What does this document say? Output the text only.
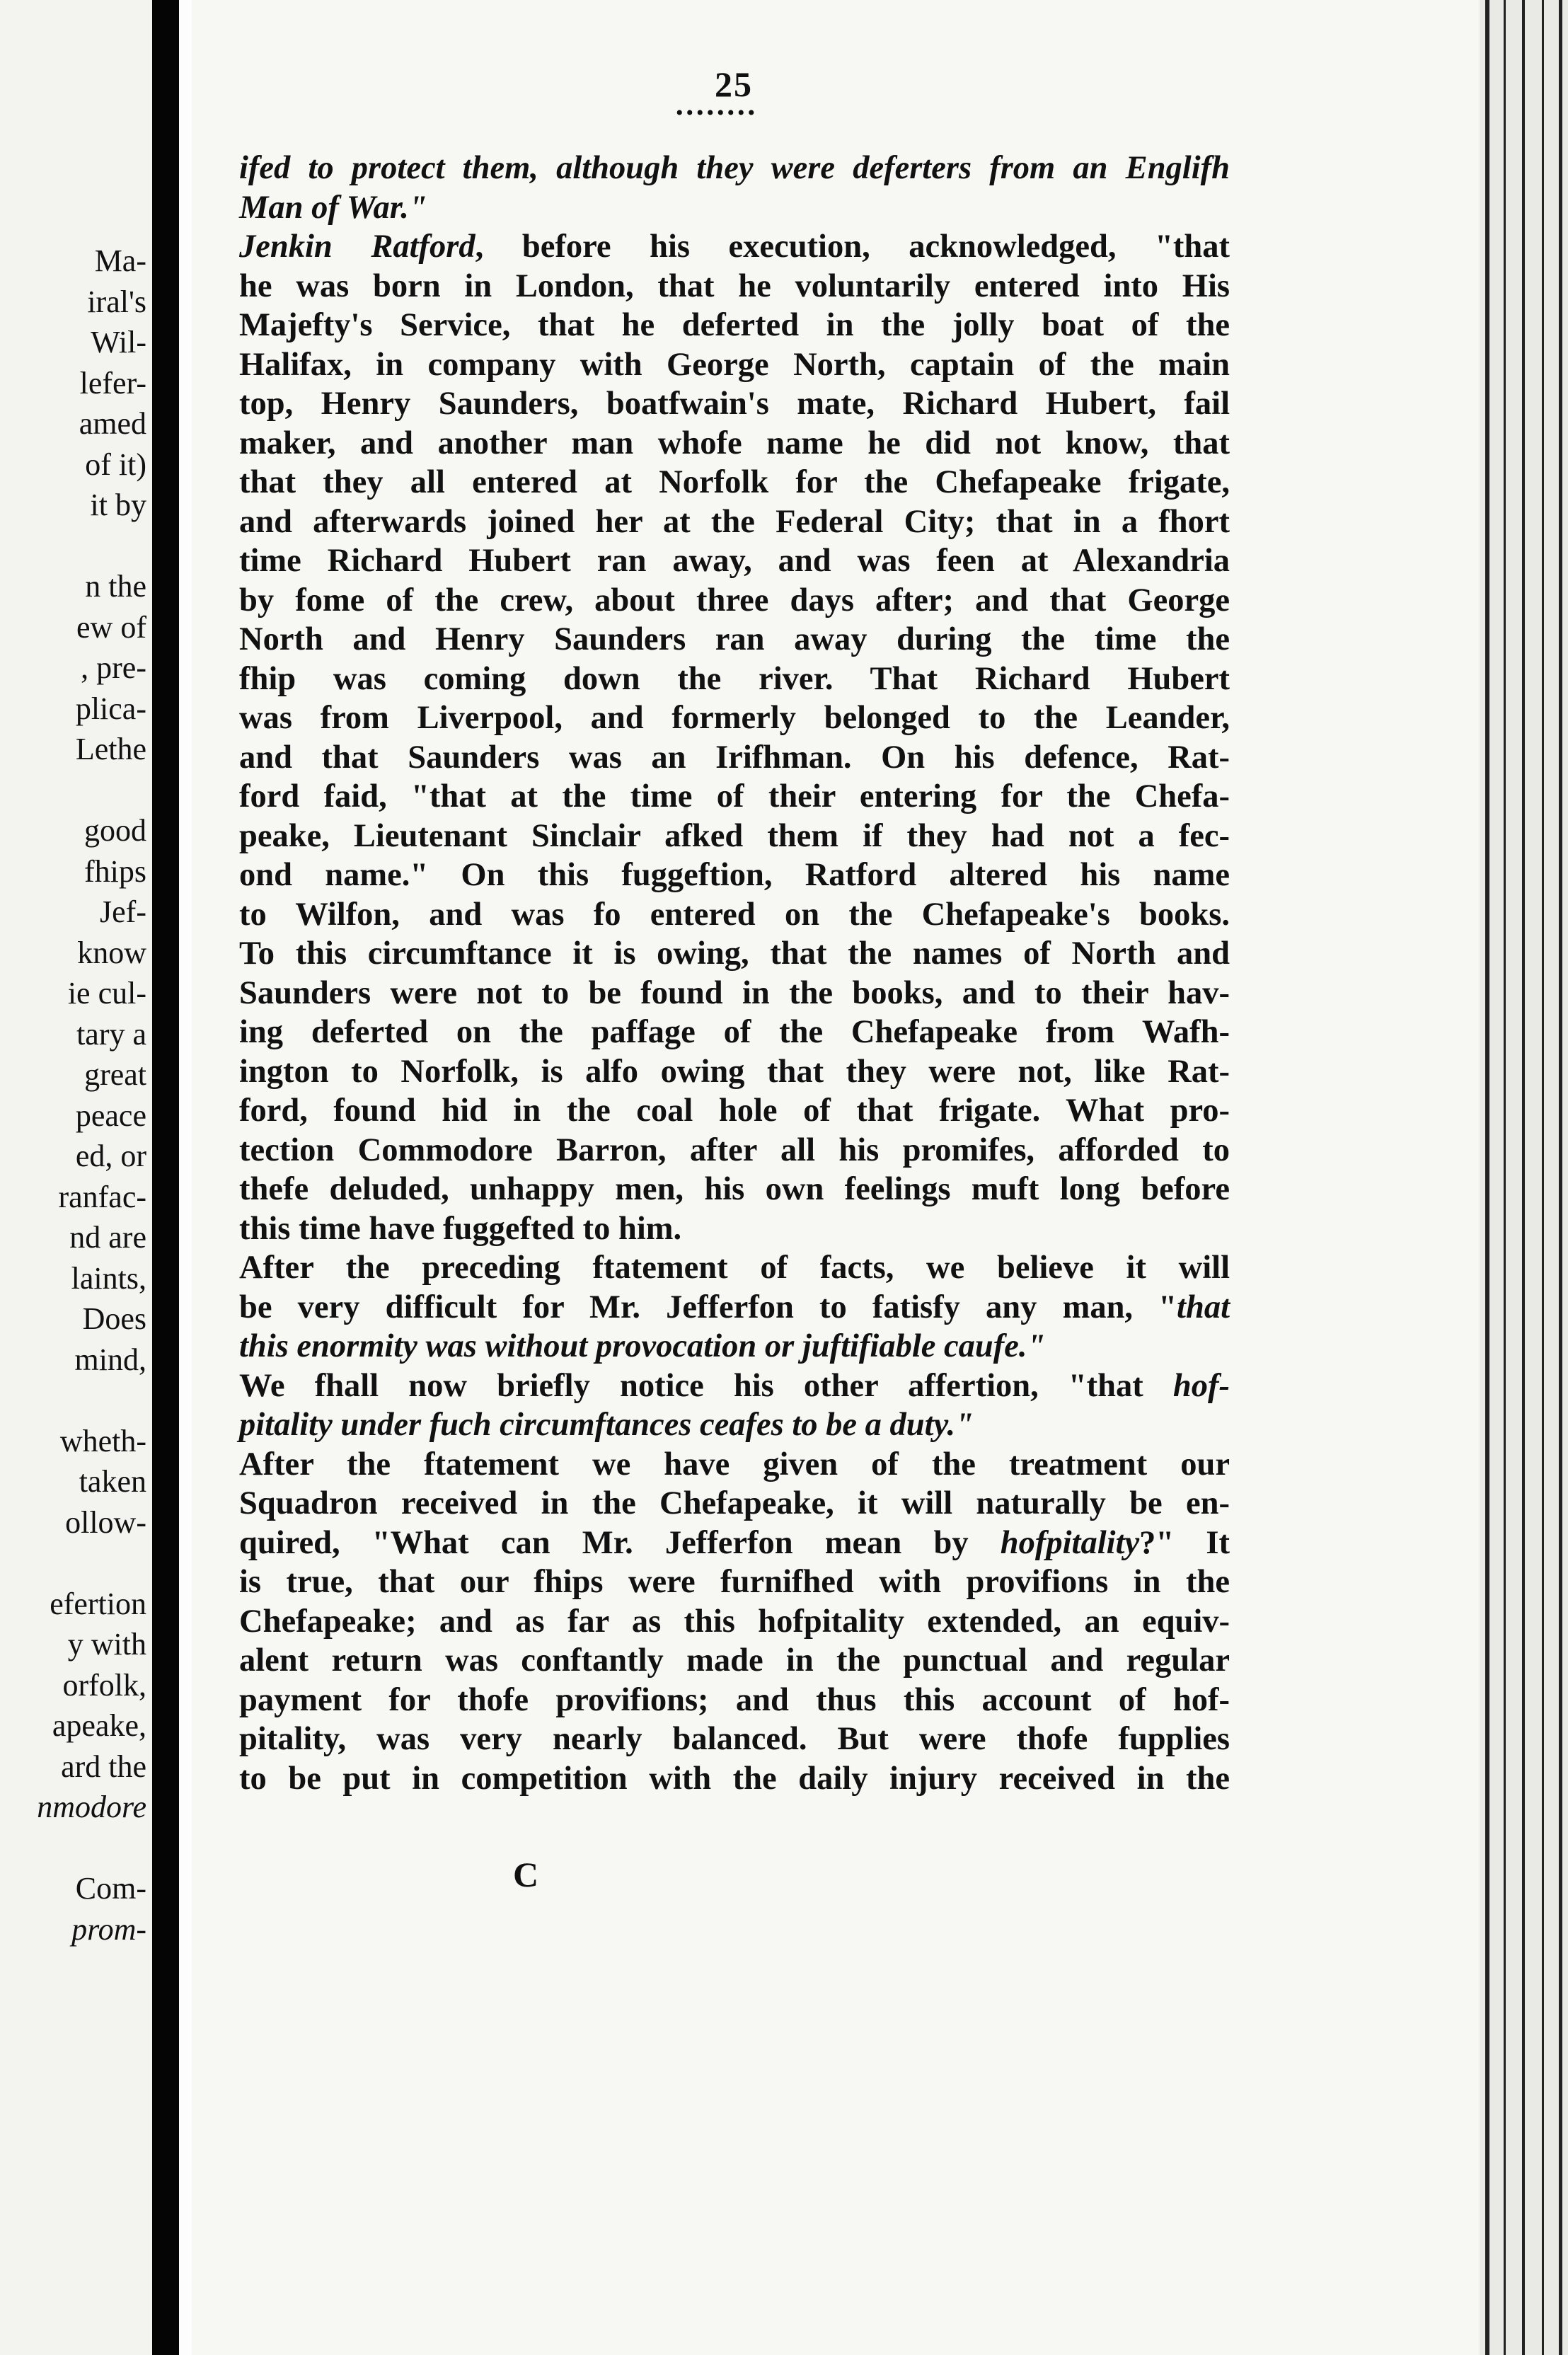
Ma-
iral's
Wil-
lefer-
amed
of it)
it by
n the
ew of
, pre-
plica-
Lethe
good
fhips
Jef-
know
ie cul-
tary a
great
peace
ed, or
ranfac-
nd are
laints,
Does
mind,
wheth-
taken
ollow-
efertion
y with
orfolk,
apeake,
ard the
nmodore
Com-
prom-
25
••••••••
ifed to protect them, although they were deferters from an Englifh
Man of War."
Jenkin Ratford, before his execution, acknowledged, "that
he was born in London, that he voluntarily entered into His
Majefty's Service, that he deferted in the jolly boat of the
Halifax, in company with George North, captain of the main
top, Henry Saunders, boatfwain's mate, Richard Hubert, fail
maker, and another man whofe name he did not know, that
that they all entered at Norfolk for the Chefapeake frigate,
and afterwards joined her at the Federal City; that in a fhort
time Richard Hubert ran away, and was feen at Alexandria
by fome of the crew, about three days after; and that George
North and Henry Saunders ran away during the time the
fhip was coming down the river. That Richard Hubert
was from Liverpool, and formerly belonged to the Leander,
and that Saunders was an Irifhman. On his defence, Rat-
ford faid, "that at the time of their entering for the Chefa-
peake, Lieutenant Sinclair afked them if they had not a fec-
ond name." On this fuggeftion, Ratford altered his name
to Wilfon, and was fo entered on the Chefapeake's books.
To this circumftance it is owing, that the names of North and
Saunders were not to be found in the books, and to their hav-
ing deferted on the paffage of the Chefapeake from Wafh-
ington to Norfolk, is alfo owing that they were not, like Rat-
ford, found hid in the coal hole of that frigate. What pro-
tection Commodore Barron, after all his promifes, afforded to
thefe deluded, unhappy men, his own feelings muft long before
this time have fuggefted to him.
After the preceding ftatement of facts, we believe it will
be very difficult for Mr. Jefferfon to fatisfy any man, "that
this enormity was without provocation or juftifiable caufe."
We fhall now briefly notice his other affertion, "that hof-
pitality under fuch circumftances ceafes to be a duty."
After the ftatement we have given of the treatment our
Squadron received in the Chefapeake, it will naturally be en-
quired, "What can Mr. Jefferfon mean by hofpitality?" It
is true, that our fhips were furnifhed with provifions in the
Chefapeake; and as far as this hofpitality extended, an equiv-
alent return was conftantly made in the punctual and regular
payment for thofe provifions; and thus this account of hof-
pitality, was very nearly balanced. But were thofe fupplies
to be put in competition with the daily injury received in the
C
